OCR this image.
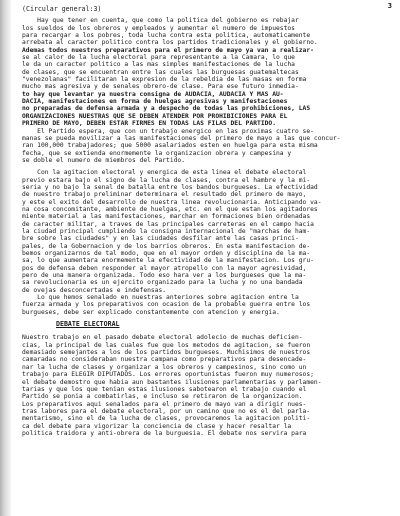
3
(Circular general:3)
Hay que tener en cuenta, que como la politica del gobierno es rebajar
los sueldos de los obreros y empleados y aumentar el numero de impuestos
para recargar a los pobres, toda lucha contra esta politica, automaticamente
arrebata al caracter politico contra los partidos tradicionales y el gobierno.
Ademas todos nuestros preparativos para el primero de mayo ya van a realizar-
se al calor de la lucha electoral para representante a la Camara, lo que
le da un caracter politico a las mas simples manifestaciones de la lucha
de clases, que se encuentran entre las cuales las burguesas guatemaltecas
"venezolanas" facilitaran la expresion de la rebeldia de las masas en forma
mucho mas agresiva y de senales obrero-de clase. Para ese futuro inmedia-
to hay que levantar ya nuestra consigna de AUDACIA, AUDACIA Y MAS AU-
DACIA, manifestaciones en forma de huelgas agresivas y manifestaciones
no preparadas de defensa armada y a despecho de todas las prohibiciones, LAS
ORGANIZACIONES NUESTRAS QUE SE DEBEN ATENDER POR PROHIBICIONES PARA EL
PRIMERO DE MAYO, DEBEN ESTAR FIRMES EN TODAS LAS FILAS DEL PARTIDO.
El Partido espera, que con un trabajo energico en las proximas cuatro se-
manas se pueda movilizar a las manifestaciones del primero de mayo a las que concur-
ran 100,000 trabajadores; que 5000 asalariados esten en huelga para esta misma
fecha, que se extienda enormemente la organizacion obrera y campesina y
se doble el numero de miembros del Partido.
Con la agitacion electoral y energica de esta linea el debate electoral
previo estara bajo el signo de la lucha de clases, contra el hambre y la mi-
seria y no bajo la senal de batalla entre los bandos burgueses. La efectividad
de nuestro trabajo preliminar determinara el resultado del primero de mayo,
y este el exito del desarrollo de nuestra linea revolucionaria. Anticipando va-
na cosa concomitante, ambiente de huelgas, etc. en el que estan los agitadores
miente material a las manifestaciones, marchar en formaciones bien ordenadas
de caracter militar, a traves de las principales carreteras en el campo hacia
la ciudad principal cumpliendo la consigna internacional de "marchas de ham-
bre sobre las ciudades" y en las ciudades desfilar ante las casas princi-
pales, de la Gobernacion y de los barrios obreros. En esta manifestacion de-
bemos organizarnos de tal modo, que en el mayor orden y disciplina de la ma-
sa, lo que aumentara enormemente la efectividad de la manifestacion. Los gru-
pos de defensa deben responder al mayor atropello con la mayor agresividad,
pero de una manera organizada. Todo eso hara ver a los burgueses que la ma-
sa revolucionaria es un ejercito organizado para la lucha y no una bandada
de ovejas desconcertadas e indefensas.
Lo que hemos senalado en nuestras anteriores sobre agitacion entre la
fuerza armada y los preparativos con ocasion de la probable guerra entre los
burgueses, debe ser explicado constantemente con atencion y energia.
DEBATE ELECTORAL
Nuestro trabajo en el pasado debate electoral adolecio de muchas deficien-
cias, la principal de las cuales fue que los metodos de agitacion, se fueron
demasiado semejantes a los de los partidos burgueses. Muchisimos de nuestros
camaradas no consideraban nuestra campana como preparativos para desencade-
nar la lucha de clases y organizar a los obreros y campesinos, sino como un
trabajo para ELEGIR DIPUTADOS. Los errores oportunistas fueron muy numerosos;
el debate demostro que habia aun bastantes ilusiones parlamentarias y parlamen-
tarias y que los que tenian estas ilusiones sabotearon el trabajo cuando el
Partido se ponia a combatirlas, e incluso se retiraron de la organizacion.
Los preparativos aqui senalados para el primero de mayo van a dirigir nues-
tras labores para el debate electoral, por un camino que no es el del parla-
mentarismo, sino el de la lucha de clases, provocaremos la agitacion politi-
ca del debate para vigorizar la conciencia de clase y hacer resaltar la
politica traidora y anti-obrera de la burguesia. El debate nos servira para
